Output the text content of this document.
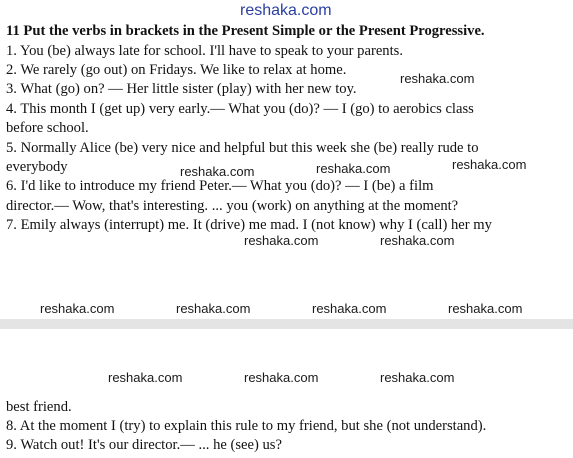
reshaka.com
11 Put the verbs in brackets in the Present Simple or the Present Progressive.
1. You (be) always late for school. I'll have to speak to your parents.
2. We rarely (go out) on Fridays. We like to relax at home.
3. What (go) on? — Her little sister (play) with her new toy.
4. This month I (get up) very early.— What you (do)? — I (go) to aerobics class
before school.
5. Normally Alice (be) very nice and helpful but this week she (be) really rude to
everybody
6. I'd like to introduce my friend Peter.— What you (do)? — I (be) a film
director.— Wow, that's interesting. ... you (work) on anything at the moment?
7. Emily always (interrupt) me. It (drive) me mad. I (not know) why I (call) her my
reshaka.com
reshaka.com	reshaka.com	reshaka.com
reshaka.com	reshaka.com
reshaka.com	reshaka.com	reshaka.com	reshaka.com
reshaka.com	reshaka.com	reshaka.com
best friend.
8. At the moment I (try) to explain this rule to my friend, but she (not understand).
9. Watch out! It's our director.— ... he (see) us?
